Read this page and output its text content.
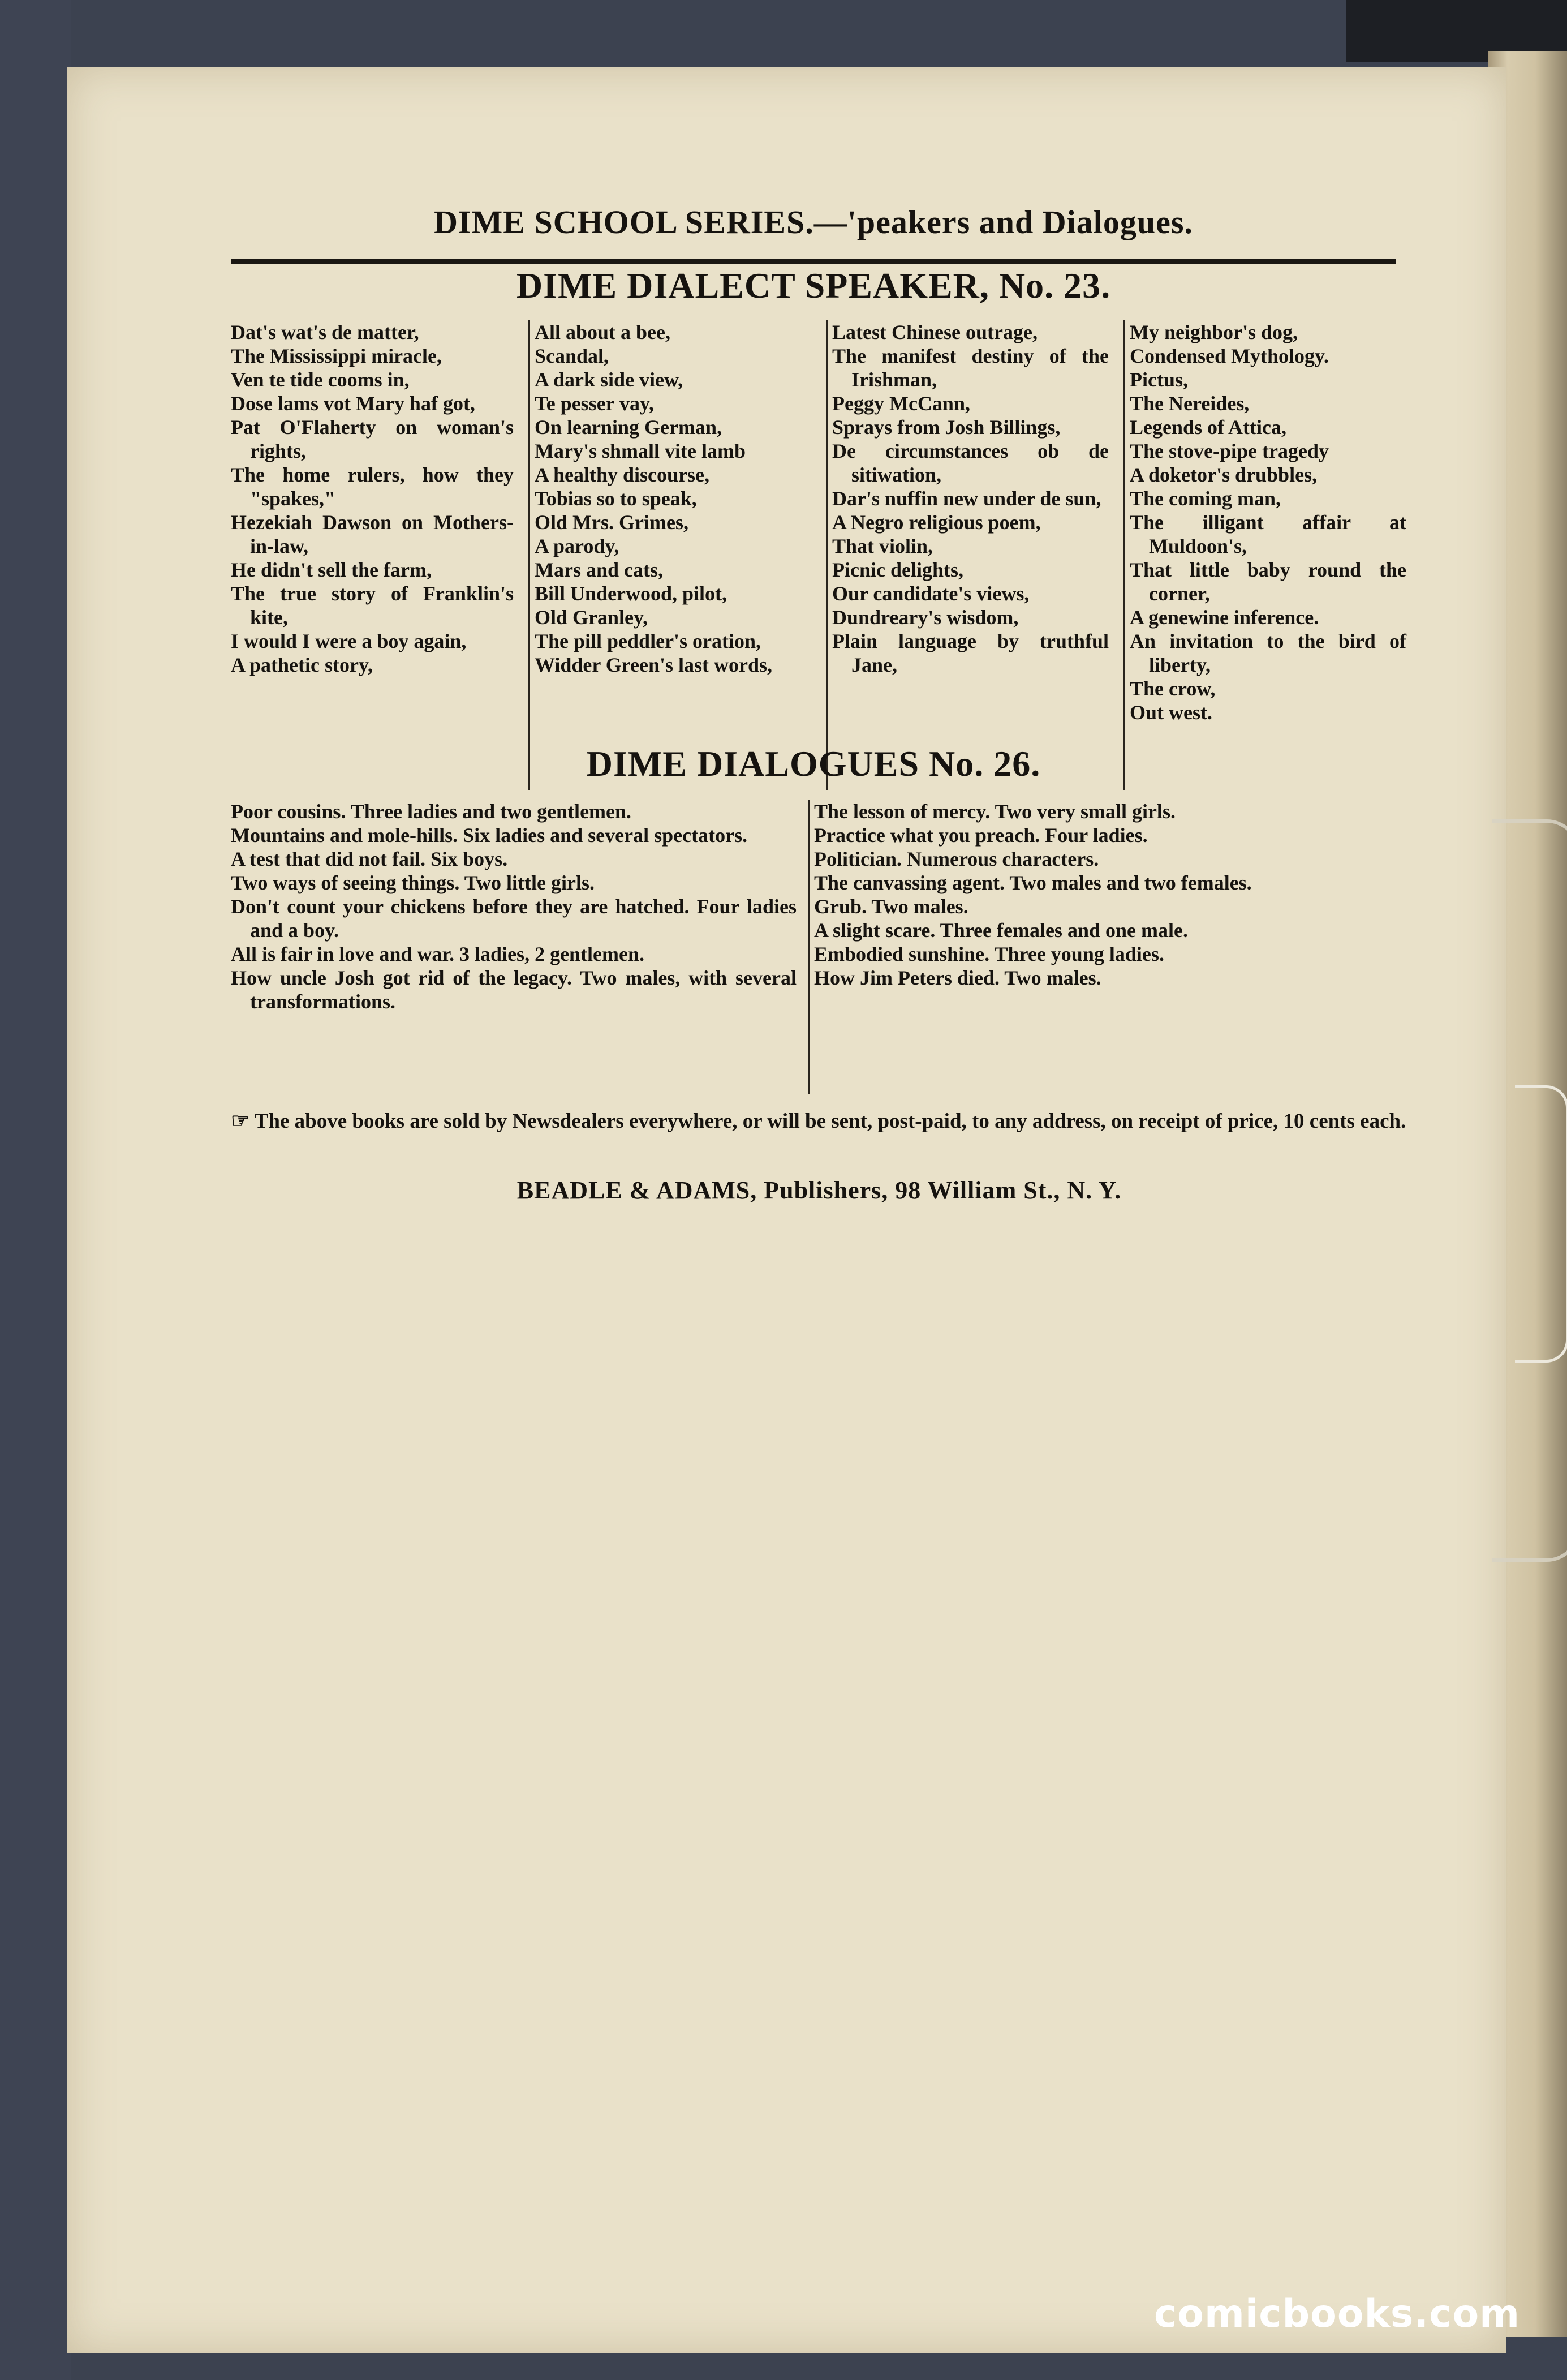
DIME SCHOOL SERIES.—'peakers and Dialogues.
DIME DIALECT SPEAKER, No. 23.
Dat's wat's de matter,
The Mississippi miracle,
Ven te tide cooms in,
Dose lams vot Mary haf got,
Pat O'Flaherty on woman's rights,
The home rulers, how they "spakes,"
Hezekiah Dawson on Mothers-in-law,
He didn't sell the farm,
The true story of Franklin's kite,
I would I were a boy again,
A pathetic story,
All about a bee,
Scandal,
A dark side view,
Te pesser vay,
On learning German,
Mary's shmall vite lamb
A healthy discourse,
Tobias so to speak,
Old Mrs. Grimes,
A parody,
Mars and cats,
Bill Underwood, pilot,
Old Granley,
The pill peddler's oration,
Widder Green's last words,
Latest Chinese outrage,
The manifest destiny of the Irishman,
Peggy McCann,
Sprays from Josh Billings,
De circumstances ob de sitiwation,
Dar's nuffin new under de sun,
A Negro religious poem,
That violin,
Picnic delights,
Our candidate's views,
Dundreary's wisdom,
Plain language by truthful Jane,
My neighbor's dog,
Condensed Mythology.
Pictus,
The Nereides,
Legends of Attica,
The stove-pipe tragedy
A doketor's drubbles,
The coming man,
The illigant affair at Muldoon's,
That little baby round the corner,
A genewine inference.
An invitation to the bird of liberty,
The crow,
Out west.
DIME DIALOGUES No. 26.
Poor cousins. Three ladies and two gentlemen.
Mountains and mole-hills. Six ladies and several spectators.
A test that did not fail. Six boys.
Two ways of seeing things. Two little girls.
Don't count your chickens before they are hatched. Four ladies and a boy.
All is fair in love and war. 3 ladies, 2 gentlemen.
How uncle Josh got rid of the legacy. Two males, with several transformations.
The lesson of mercy. Two very small girls.
Practice what you preach. Four ladies.
Politician. Numerous characters.
The canvassing agent. Two males and two females.
Grub. Two males.
A slight scare. Three females and one male.
Embodied sunshine. Three young ladies.
How Jim Peters died. Two males.
☞ The above books are sold by Newsdealers everywhere, or will be sent, post-paid, to any address, on receipt of price, 10 cents each.
BEADLE & ADAMS, Publishers, 98 William St., N. Y.
comicbooks.com
